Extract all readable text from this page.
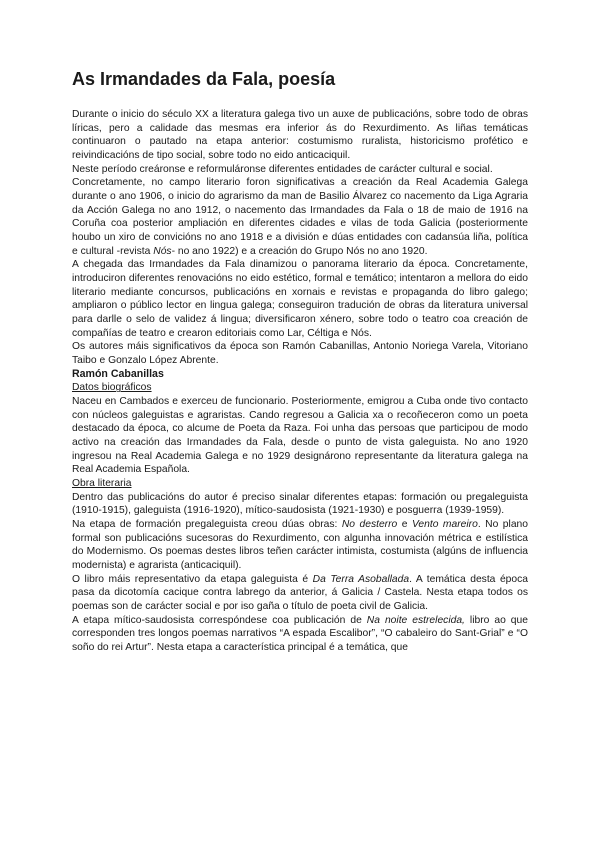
As Irmandades da Fala, poesía

Durante o inicio do século XX a literatura galega tivo un auxe de publicacións, sobre todo de obras líricas, pero a calidade das mesmas era inferior ás do Rexurdimento. As liñas temáticas continuaron o pautado na etapa anterior: costumismo ruralista, historicismo profético e reivindicacións de tipo social, sobre todo no eido anticaciquil.

Neste período creáronse e reformuláronse diferentes entidades de carácter cultural e social.

Concretamente, no campo literario foron significativas a creación da Real Academia Galega durante o ano 1906, o inicio do agrarismo da man de Basilio Álvarez co nacemento da Liga Agraria da Acción Galega no ano 1912, o nacemento das Irmandades da Fala o 18 de maio de 1916 na Coruña coa posterior ampliación en diferentes cidades e vilas de toda Galicia (posteriormente houbo un xiro de convicións no ano 1918 e a división e dúas entidades con cadansúa liña, política e cultural -revista Nós- no ano 1922) e a creación do Grupo Nós no ano 1920.

A chegada das Irmandades da Fala dinamizou o panorama literario da época. Concretamente, introduciron diferentes renovacións no eido estético, formal e temático; intentaron a mellora do eido literario mediante concursos, publicacións en xornais e revistas e propaganda do libro galego; ampliaron o público lector en lingua galega; conseguiron tradución de obras da literatura universal para darlle o selo de validez á lingua; diversificaron xénero, sobre todo o teatro coa creación de compañías de teatro e crearon editoriais como Lar, Céltiga e Nós.

Os autores máis significativos da época son Ramón Cabanillas, Antonio Noriega Varela, Vitoriano Taibo e Gonzalo López Abrente.

Ramón Cabanillas
Datos biográficos

Naceu en Cambados e exerceu de funcionario. Posteriormente, emigrou a Cuba onde tivo contacto con núcleos galeguistas e agraristas. Cando regresou a Galicia xa o recoñeceron como un poeta destacado da época, co alcume de Poeta da Raza. Foi unha das persoas que participou de modo activo na creación das Irmandades da Fala, desde o punto de vista galeguista. No ano 1920 ingresou na Real Academia Galega e no 1929 designárono representante da literatura galega na Real Academia Española.

Obra literaria

Dentro das publicacións do autor é preciso sinalar diferentes etapas: formación ou pregaleguista (1910-1915), galeguista (1916-1920), mítico-saudosista (1921-1930) e posguerra (1939-1959).

Na etapa de formación pregaleguista creou dúas obras: No desterro e Vento mareiro. No plano formal son publicacións sucesoras do Rexurdimento, con algunha innovación métrica e estilística do Modernismo. Os poemas destes libros teñen carácter intimista, costumista (algúns de influencia modernista) e agrarista (anticaciquil).

O libro máis representativo da etapa galeguista é Da Terra Asoballada. A temática desta época pasa da dicotomía cacique contra labrego da anterior, á Galicia / Castela. Nesta etapa todos os poemas son de carácter social e por iso gaña o título de poeta civil de Galicia.

A etapa mítico-saudosista correspóndese coa publicación de Na noite estrelecida, libro ao que corresponden tres longos poemas narrativos “A espada Escalibor”, “O cabaleiro do Sant-Grial” e “O soño do rei Artur”. Nesta etapa a característica principal é a temática, que
